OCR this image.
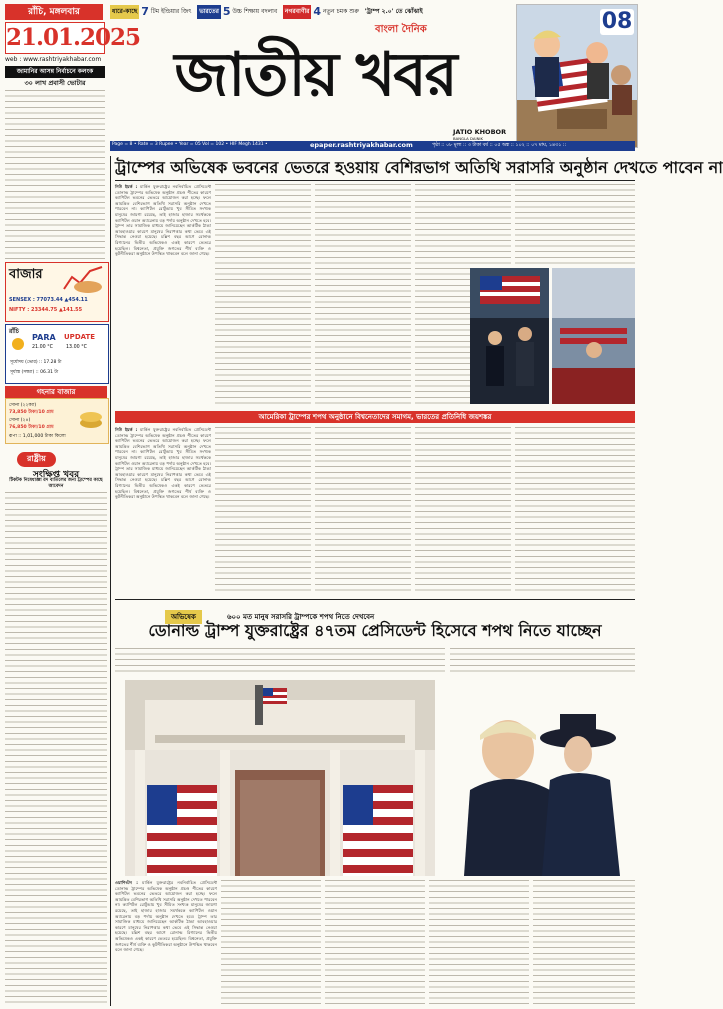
ধারে-কাছে 7 টিম ইন্ডিয়ার জিৎ ভারতের 5 উচ্চ শিক্ষায় বদলাব নগরবাণীর 4 নতুন চমক শুরু 'ট্রাম্প ২.০' তে ঝোঁঝাই
রাঁচি, মঙ্গলবার
21.01.2025
web : www.rashtriyakhabar.com
বাংলা দৈনিক
জাতীয় খবর
JATIO KHOBOR
BANGLA DAINIK
08
Page = 8 • Rate = 3 Rupee • Year = 05 Vol = 102 • HIF Megh 1431 •	epaper.rashtriyakhabar.com	পৃষ্ঠা :: ০৮ মূল্য :: ৩ টাকা বর্ষ :: ০৫ অঙ্ক :: ১০২ :: ০৭ মাঘ, ১৪৩১ ::
জামানির আসন্ন নির্বাচনে কলংক
৩০ লাখ প্রবাসী ভোটার
বাজার
SENSEX : 77073.44 ▲454.11
NIFTY : 23344.75 ▲141.55
রাঁচি
PARA UPDATE
21.00 °C	13.00 °C
সূর্যোদয় (ভোর) :: 17.28 টা
সূর্যাস্ত (সন্ধ্যা) :: 06.31 টা
গহনার বাজার
সোনা (২২ক্যা)
73,850 টাকা/10 গ্রাম
সোনা (২৪)
76,850 টাকা/10 গ্রাম
রূপা :: 1,01,000 টাকা কিলো
রাষ্ট্রীয়
সংক্ষিপ্ত খবর
টিকটক নিষেধাজ্ঞা রদ বাতিলের জন্য ট্রাম্পের কাছে আবেদন
ট্রাম্পের অভিষেক ভবনের ভেতরে হওয়ায় বেশিরভাগ অতিথি সরাসরি অনুষ্ঠান দেখতে পাবেন না
নিউ ইয়র্ক : মার্কিন যুক্তরাষ্ট্রের নবনির্বাচিত প্রেসিডেন্ট ডোনাল্ড ট্রাম্পের অভিষেক অনুষ্ঠান প্রচণ্ড শীতের কারণে ক্যাপিটল ভবনের ভেতরে আয়োজন করা হচ্ছে। ফলে আমন্ত্রিত বেশিরভাগ অতিথি সরাসরি অনুষ্ঠান দেখতে পারবেন না। ক্যাপিটল রোটুন্ডায় খুব সীমিত সংখ্যক মানুষের জায়গা রয়েছে, তাই হাজার হাজার সমর্থককে ক্যাপিটল ওয়ান অ্যারেনায় বড় পর্দায় অনুষ্ঠান দেখতে হবে। ট্রাম্প তার সামাজিক মাধ্যমে জানিয়েছেন আর্কটিক ঠান্ডা আবহাওয়ার কারণে মানুষের নিরাপত্তার কথা ভেবে এই সিদ্ধান্ত নেওয়া হয়েছে। চল্লিশ বছর আগে রোনাল্ড রিগ্যানের দ্বিতীয় অভিষেকও একই কারণে ভেতরে হয়েছিল। বিশ্বনেতা, প্রযুক্তি জগতের শীর্ষ ব্যক্তি ও কূটনীতিকরা অনুষ্ঠানে উপস্থিত থাকবেন বলে জানা গেছে।
আমেরিকা ট্রাম্পের শপথ অনুষ্ঠানে বিশ্বনেতাদের সমাগম, ভারতের প্রতিনিধি জয়শঙ্কর
নিউ ইয়র্ক : মার্কিন যুক্তরাষ্ট্রের নবনির্বাচিত প্রেসিডেন্ট ডোনাল্ড ট্রাম্পের অভিষেক অনুষ্ঠান প্রচণ্ড শীতের কারণে ক্যাপিটল ভবনের ভেতরে আয়োজন করা হচ্ছে। ফলে আমন্ত্রিত বেশিরভাগ অতিথি সরাসরি অনুষ্ঠান দেখতে পারবেন না। ক্যাপিটল রোটুন্ডায় খুব সীমিত সংখ্যক মানুষের জায়গা রয়েছে, তাই হাজার হাজার সমর্থককে ক্যাপিটল ওয়ান অ্যারেনায় বড় পর্দায় অনুষ্ঠান দেখতে হবে। ট্রাম্প তার সামাজিক মাধ্যমে জানিয়েছেন আর্কটিক ঠান্ডা আবহাওয়ার কারণে মানুষের নিরাপত্তার কথা ভেবে এই সিদ্ধান্ত নেওয়া হয়েছে। চল্লিশ বছর আগে রোনাল্ড রিগ্যানের দ্বিতীয় অভিষেকও একই কারণে ভেতরে হয়েছিল। বিশ্বনেতা, প্রযুক্তি জগতের শীর্ষ ব্যক্তি ও কূটনীতিকরা অনুষ্ঠানে উপস্থিত থাকবেন বলে জানা গেছে।
অভিষেক	৬০০ মত মানুষ সরাসরি ট্রাম্পকে শপথ নিতে দেখবেন
ডোনাল্ড ট্রাম্প যুক্তরাষ্ট্রের ৪৭তম প্রেসিডেন্ট হিসেবে শপথ নিতে যাচ্ছেন
ওয়াশিংটন : মার্কিন যুক্তরাষ্ট্রের নবনির্বাচিত প্রেসিডেন্ট ডোনাল্ড ট্রাম্পের অভিষেক অনুষ্ঠান প্রচণ্ড শীতের কারণে ক্যাপিটল ভবনের ভেতরে আয়োজন করা হচ্ছে। ফলে আমন্ত্রিত বেশিরভাগ অতিথি সরাসরি অনুষ্ঠান দেখতে পারবেন না। ক্যাপিটল রোটুন্ডায় খুব সীমিত সংখ্যক মানুষের জায়গা রয়েছে, তাই হাজার হাজার সমর্থককে ক্যাপিটল ওয়ান অ্যারেনায় বড় পর্দায় অনুষ্ঠান দেখতে হবে। ট্রাম্প তার সামাজিক মাধ্যমে জানিয়েছেন আর্কটিক ঠান্ডা আবহাওয়ার কারণে মানুষের নিরাপত্তার কথা ভেবে এই সিদ্ধান্ত নেওয়া হয়েছে। চল্লিশ বছর আগে রোনাল্ড রিগ্যানের দ্বিতীয় অভিষেকও একই কারণে ভেতরে হয়েছিল। বিশ্বনেতা, প্রযুক্তি জগতের শীর্ষ ব্যক্তি ও কূটনীতিকরা অনুষ্ঠানে উপস্থিত থাকবেন বলে জানা গেছে।
